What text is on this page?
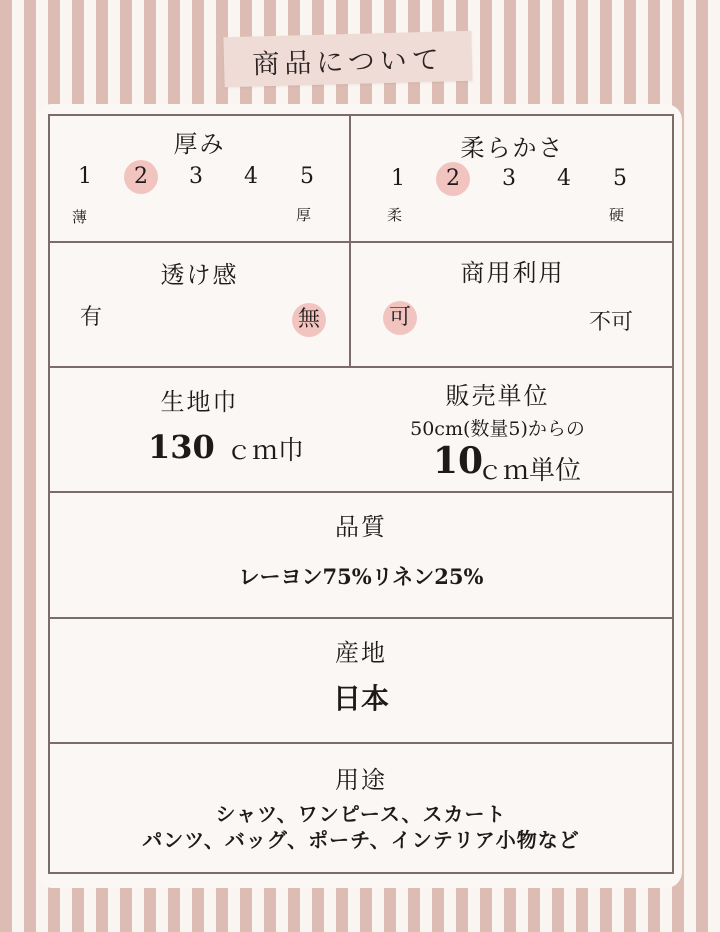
商品について
厚み
1	2	3	4	5
薄	厚
柔らかさ
1	2	3	4	5
柔	硬
透け感
有	無
商用利用
可	不可
生地巾
130 ｃｍ巾
販売単位
50cm(数量5)からの
10
ｃｍ単位
品質
レーヨン75%リネン25%
産地
日本
用途
シャツ、ワンピース、スカート
パンツ、バッグ、ポーチ、インテリア小物など
